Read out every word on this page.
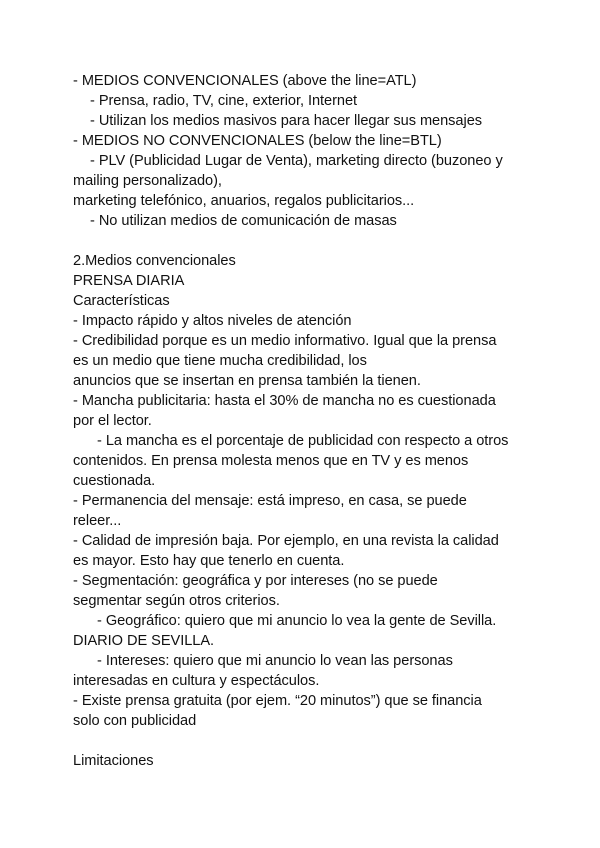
- MEDIOS CONVENCIONALES (above the line=ATL)
- Prensa, radio, TV, cine, exterior, Internet
- Utilizan los medios masivos para hacer llegar sus mensajes
- MEDIOS NO CONVENCIONALES (below the line=BTL)
- PLV (Publicidad Lugar de Venta), marketing directo (buzoneo y
mailing personalizado),
marketing telefónico, anuarios, regalos publicitarios...
- No utilizan medios de comunicación de masas
2.Medios convencionales
PRENSA DIARIA
Características
- Impacto rápido y altos niveles de atención
- Credibilidad porque es un medio informativo. Igual que la prensa
es un medio que tiene mucha credibilidad, los
anuncios que se insertan en prensa también la tienen.
- Mancha publicitaria: hasta el 30% de mancha no es cuestionada
por el lector.
- La mancha es el porcentaje de publicidad con respecto a otros
contenidos. En prensa molesta menos que en TV y es menos
cuestionada.
- Permanencia del mensaje: está impreso, en casa, se puede
releer...
- Calidad de impresión baja. Por ejemplo, en una revista la calidad
es mayor. Esto hay que tenerlo en cuenta.
- Segmentación: geográfica y por intereses (no se puede
segmentar según otros criterios.
- Geográfico: quiero que mi anuncio lo vea la gente de Sevilla.
DIARIO DE SEVILLA.
- Intereses: quiero que mi anuncio lo vean las personas
interesadas en cultura y espectáculos.
- Existe prensa gratuita (por ejem. “20 minutos”) que se financia
solo con publicidad
Limitaciones
